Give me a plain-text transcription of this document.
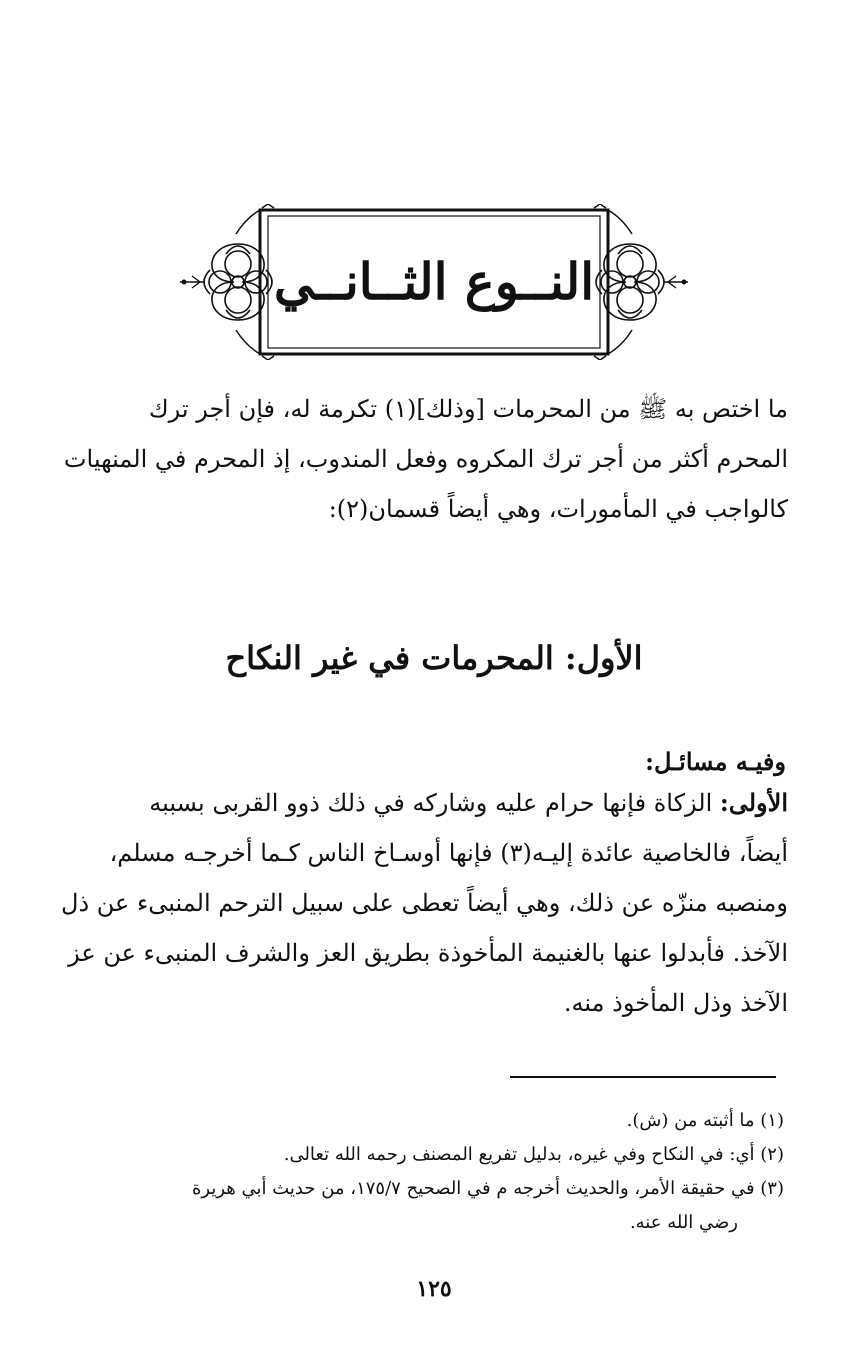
النــوع الثــانــي
ما اختص به ﷺ من المحرمات [وذلك](١) تكرمة له، فإن أجر ترك
المحرم أكثر من أجر ترك المكروه وفعل المندوب، إذ المحرم في المنهيات
كالواجب في المأمورات، وهي أيضاً قسمان(٢):
الأول: المحرمات في غير النكاح
وفيـه مسائـل:
الأولى: الزكاة فإنها حرام عليه وشاركه في ذلك ذوو القربى بسببه
أيضاً، فالخاصية عائدة إليـه(٣) فإنها أوسـاخ الناس كـما أخرجـه مسلم،
ومنصبه منزّه عن ذلك، وهي أيضاً تعطى على سبيل الترحم المنبىء عن ذل
الآخذ. فأبدلوا عنها بالغنيمة المأخوذة بطريق العز والشرف المنبىء عن عز
الآخذ وذل المأخوذ منه.
(١) ما أثبته من (ش).
(٢) أي: في النكاح وفي غيره، بدليل تفريع المصنف رحمه الله تعالى.
(٣) في حقيقة الأمر، والحديث أخرجه م في الصحيح ١٧٥/٧، من حديث أبي هريرة
رضي الله عنه.
١٢٥
